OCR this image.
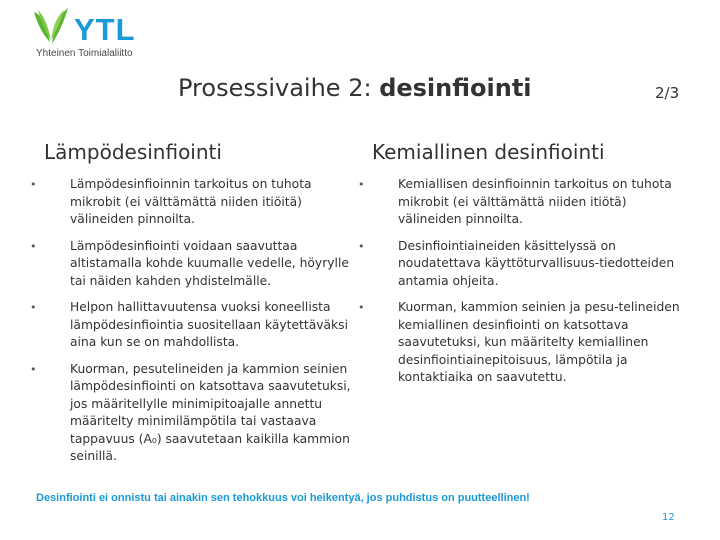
YTL
Yhteinen Toimialaliitto
Prosessivaihe 2: desinfiointi	2/3
Lämpödesinfiointi
•	Lämpödesinfioinnin tarkoitus on tuhota mikrobit (ei välttämättä niiden itiöitä) välineiden pinnoilta.
•	Lämpödesinfiointi voidaan saavuttaa altistamalla kohde kuumalle vedelle, höyrylle tai näiden kahden yhdistelmälle.
•	Helpon hallittavuutensa vuoksi koneellista lämpödesinfiointia suositellaan käytettäväksi aina kun se on mahdollista.
•	Kuorman, pesutelineiden ja kammion seinien lämpödesinfiointi on katsottava saavutetuksi, jos määritellylle minimipitoajalle annettu määritelty minimilämpötila tai vastaava tappavuus (A₀) saavutetaan kaikilla kammion seinillä.
Kemiallinen desinfiointi
•	Kemiallisen desinfioinnin tarkoitus on tuhota mikrobit (ei välttämättä niiden itiötä) välineiden pinnoilta.
•	Desinfiointiaineiden käsittelyssä on noudatettava käyttöturvallisuus-tiedotteiden antamia ohjeita.
•	Kuorman, kammion seinien ja pesu-telineiden kemiallinen desinfiointi on katsottava saavutetuksi, kun määritelty kemiallinen desinfiointiainepitoisuus, lämpötila ja kontaktiaika on saavutettu.
Desinfiointi ei onnistu tai ainakin sen tehokkuus voi heikentyä, jos puhdistus on puutteellinen!
12
